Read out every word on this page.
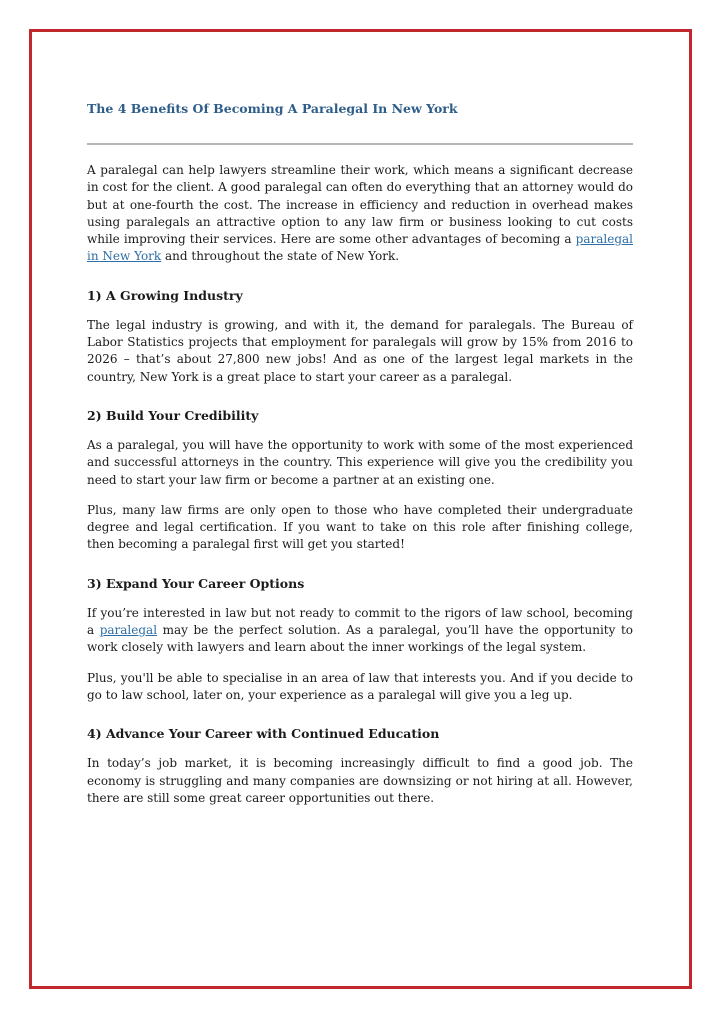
The 4 Benefits Of Becoming A Paralegal In New York

A paralegal can help lawyers streamline their work, which means a significant decrease in cost for the client. A good paralegal can often do everything that an attorney would do but at one-fourth the cost. The increase in efficiency and reduction in overhead makes using paralegals an attractive option to any law firm or business looking to cut costs while improving their services. Here are some other advantages of becoming a paralegal in New York and throughout the state of New York.

1) A Growing Industry

The legal industry is growing, and with it, the demand for paralegals. The Bureau of Labor Statistics projects that employment for paralegals will grow by 15% from 2016 to 2026 – that’s about 27,800 new jobs! And as one of the largest legal markets in the country, New York is a great place to start your career as a paralegal.

2) Build Your Credibility

As a paralegal, you will have the opportunity to work with some of the most experienced and successful attorneys in the country. This experience will give you the credibility you need to start your law firm or become a partner at an existing one.

Plus, many law firms are only open to those who have completed their undergraduate degree and legal certification. If you want to take on this role after finishing college, then becoming a paralegal first will get you started!

3) Expand Your Career Options

If you’re interested in law but not ready to commit to the rigors of law school, becoming a paralegal may be the perfect solution. As a paralegal, you’ll have the opportunity to work closely with lawyers and learn about the inner workings of the legal system.

Plus, you'll be able to specialise in an area of law that interests you. And if you decide to go to law school, later on, your experience as a paralegal will give you a leg up.

4) Advance Your Career with Continued Education

In today’s job market, it is becoming increasingly difficult to find a good job. The economy is struggling and many companies are downsizing or not hiring at all. However, there are still some great career opportunities out there.
